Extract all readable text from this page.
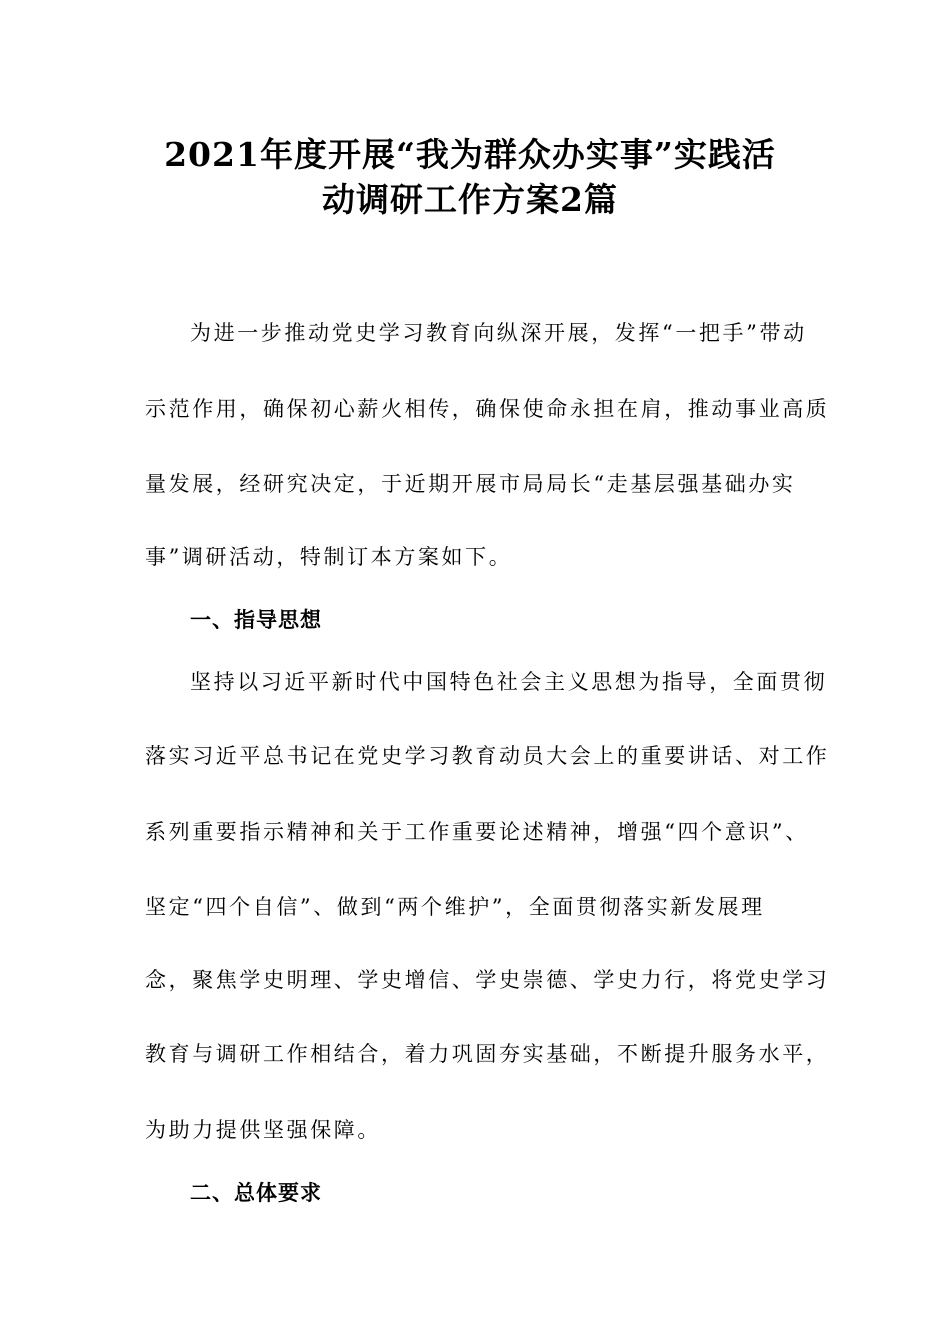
2021年度开展“我为群众办实事”实践活
动调研工作方案2篇
为进一步推动党史学习教育向纵深开展，发挥“一把手”带动
示范作用，确保初心薪火相传，确保使命永担在肩，推动事业高质
量发展，经研究决定，于近期开展市局局长“走基层强基础办实
事”调研活动，特制订本方案如下。
一、指导思想
坚持以习近平新时代中国特色社会主义思想为指导，全面贯彻
落实习近平总书记在党史学习教育动员大会上的重要讲话、对工作
系列重要指示精神和关于工作重要论述精神，增强“四个意识”、
坚定“四个自信”、做到“两个维护”，全面贯彻落实新发展理
念，聚焦学史明理、学史增信、学史崇德、学史力行，将党史学习
教育与调研工作相结合，着力巩固夯实基础，不断提升服务水平，
为助力提供坚强保障。
二、总体要求
